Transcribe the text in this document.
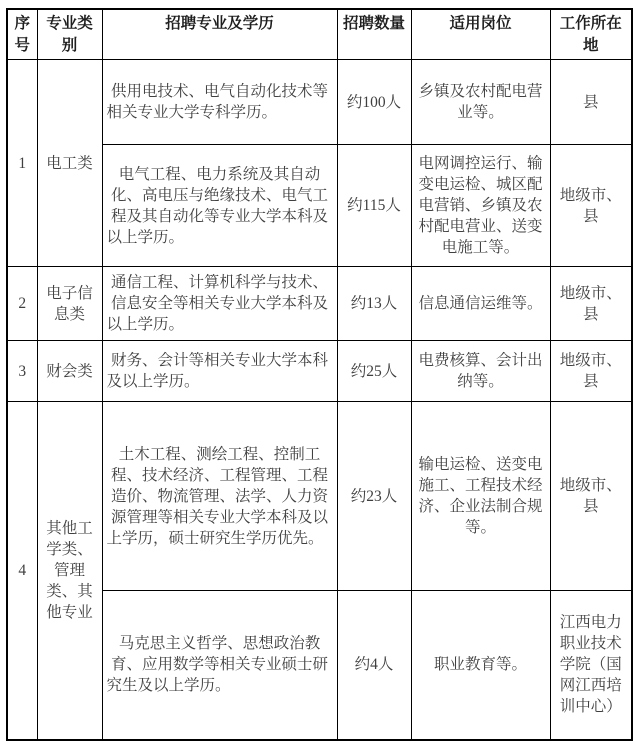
序号	专业类别	招聘专业及学历	招聘数量	适用岗位	工作所在地
1	电工类	供用电技术、电气自动化技术等相关专业大学专科学历。	约100人	乡镇及农村配电营业等。	县
		电气工程、电力系统及其自动化、高电压与绝缘技术、电气工程及其自动化等专业大学本科及以上学历。	约115人	电网调控运行、输变电运检、城区配电营销、乡镇及农村配电营业、送变电施工等。	地级市、县
2	电子信息类	通信工程、计算机科学与技术、信息安全等相关专业大学本科及以上学历。	约13人	信息通信运维等。	地级市、县
3	财会类	财务、会计等相关专业大学本科及以上学历。	约25人	电费核算、会计出纳等。	地级市、县
4	其他工学类、管理类、其他专业	土木工程、测绘工程、控制工程、技术经济、工程管理、工程造价、物流管理、法学、人力资源管理等相关专业大学本科及以上学历，硕士研究生学历优先。	约23人	输电运检、送变电施工、工程技术经济、企业法制合规等。	地级市、县
		马克思主义哲学、思想政治教育、应用数学等相关专业硕士研究生及以上学历。	约4人	职业教育等。	江西电力职业技术学院（国网江西培训中心）
